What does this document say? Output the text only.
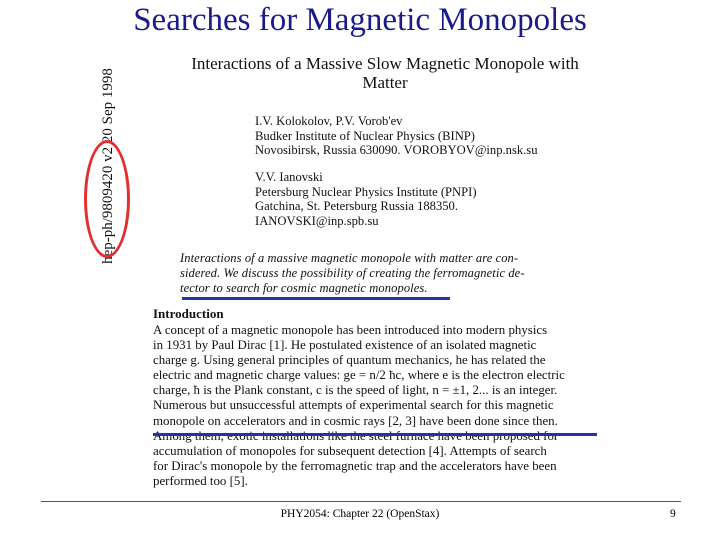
Searches for Magnetic Monopoles
Interactions of a Massive Slow Magnetic Monopole with
Matter
I.V. Kolokolov, P.V. Vorob'ev
Budker Institute of Nuclear Physics (BINP)
Novosibirsk, Russia 630090. VOROBYOV@inp.nsk.su
V.V. Ianovski
Petersburg Nuclear Physics Institute (PNPI)
Gatchina, St. Petersburg Russia 188350. IANOVSKI@inp.spb.su
Interactions of a massive magnetic monopole with matter are con-
sidered. We discuss the possibility of creating the ferromagnetic de-
tector to search for cosmic magnetic monopoles.
Introduction
A concept of a magnetic monopole has been introduced into modern physics
in 1931 by Paul Dirac [1]. He postulated existence of an isolated magnetic
charge g. Using general principles of quantum mechanics, he has related the
electric and magnetic charge values: ge = n/2 ħc, where e is the electron electric
charge, ħ is the Plank constant, c is the speed of light, n = ±1, 2... is an integer.
Numerous but unsuccessful attempts of experimental search for this magnetic
monopole on accelerators and in cosmic rays [2, 3] have been done since then.
accumulation of monopoles for subsequent detection [4]. Attempts of search
for Dirac's monopole by the ferromagnetic trap and the accelerators have been
performed too [5].
hep-ph/9809420 v2 20 Sep 1998
PHY2054: Chapter 22 (OpenStax)	9
